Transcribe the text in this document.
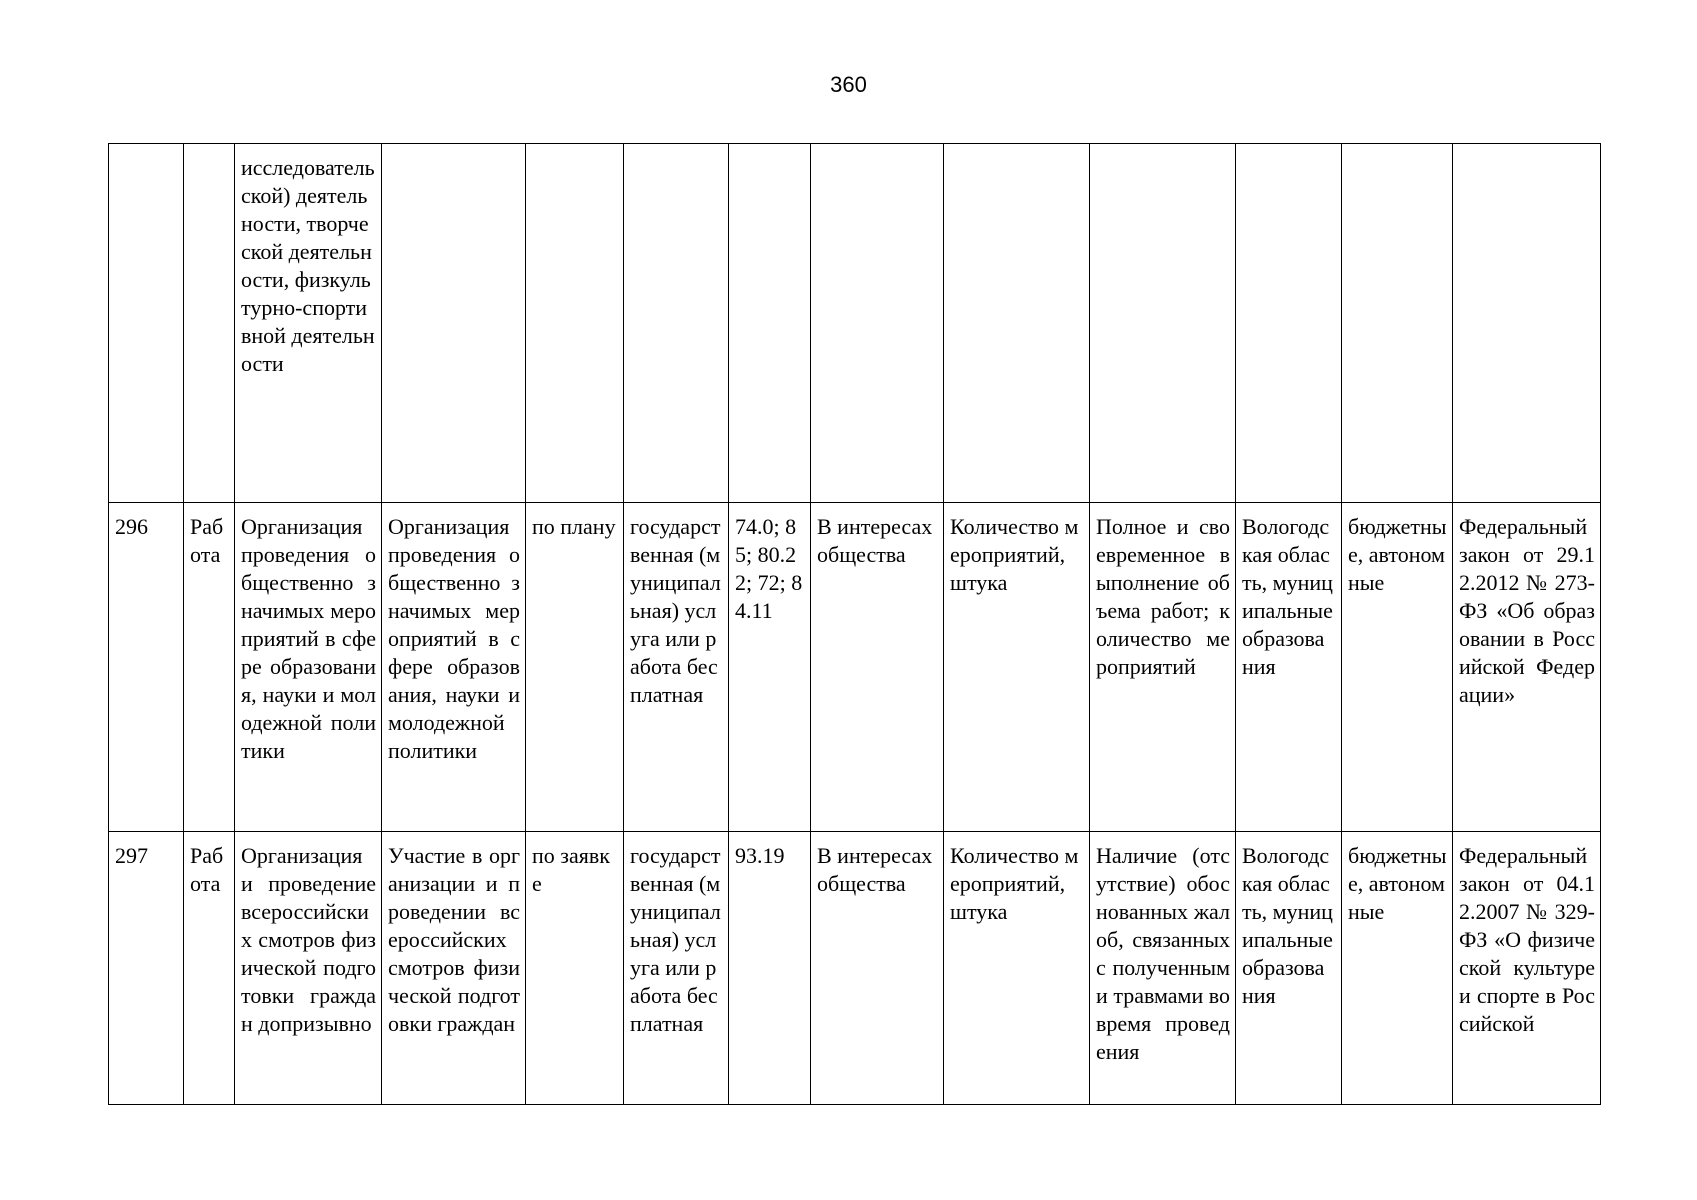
360
		исследовательской) деятельности, творческой деятельности, физкультурно-спортивной деятельности										
296	Работа	Организация проведения общественно значимых мероприятий в сфере образования, науки и молодежной политики	Организация проведения общественно значимых мероприятий в сфере образования, науки и молодежной политики	по плану	государственная (муниципальная) услуга или работа бесплатная	74.0; 85; 80.22; 72; 84.11	В интересах общества	Количество мероприятий, штука	Полное и своевременное выполнение объема работ; количество мероприятий	Вологодская область, муниципальные образования	бюджетные, автономные	Федеральный закон от 29.12.2012 № 273-ФЗ «Об образовании в Российской Федерации»
297	Работа	Организация и проведение всероссийских смотров физической подготовки граждан допризывно	Участие в организации и проведении всероссийских смотров физической подготовки граждан	по заявке	государственная (муниципальная) услуга или работа бесплатная	93.19	В интересах общества	Количество мероприятий, штука	Наличие (отсутствие) обоснованных жалоб, связанных с полученным и травмами во время проведения	Вологодская область, муниципальные образования	бюджетные, автономные	Федеральный закон от 04.12.2007 № 329-ФЗ «О физической культуре и спорте в Российской
